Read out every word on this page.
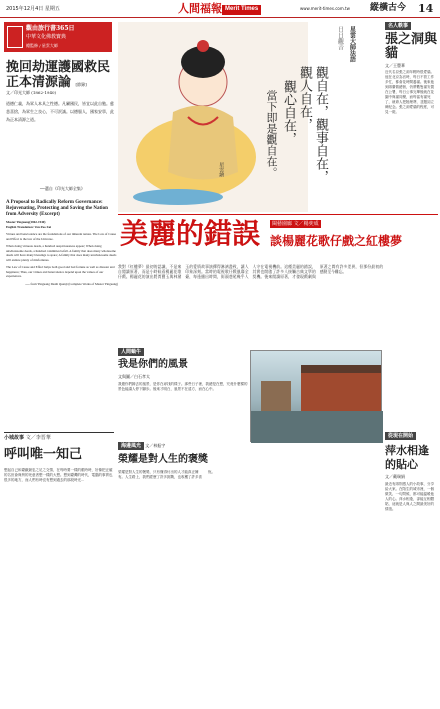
2015年12月4日 星期五	人間福報 Merit Times	www.merit-times.com.tw 縱橫古今 14
觀由旅行書365日
中華文化佛教寶典
總監修 / 星雲大師
挽回劫運護國救民正本清源論 [節錄]
文／印光大師 (1862-1940)
道德仁義，為眾人本具之性德。凡屬國民，皆宜以此自勉。慈悲喜捨，為眾生之良心，不可泯滅。以德服人，國家安寧，此為正本清源之道。
──選自《印光大師全集》
A Proposal to Radically Reform Governance: Rejuvenating, Protecting and Saving the Nation from Adversity (Excerpt)
Master Yinguang(1862-1940)
English Translation: Ven.Yao Zai
Virtues and benevolence are the foundations of our inherent nature. The Law of Cause and Effect is the law of the Universe.
When doing virtuous deeds, a hundred auspiciousness appear; When doing unwholesome deeds, a hundred calamities befall. A family that does many wholesome deeds will have many blessings to spare; A family that does many unwholesome deeds will endure plenty of misfortunes.
The Law of Cause and Effect helps both good and bad fortune as well as disaster and happiness; Thus, our virtues and benevolence depend upon the values of our experiences.
── from Yinguang Dashi Quanji (Complete Works of Master Yinguang)
星雲繪
星雲大師法語
日日觀音
觀自在，觀事自在，
觀人自在，
觀心自在，
當下即是觀自在。
名人軼事
張之洞與貓
文／王豐華
近代名臣張之洞年輕時很愛貓。他在北京為官時，每日不管工作多忙，都會花時間養貓。後來他到兩廣做總督，仍將數隻貓安置在公署，每日公事完畢後就在花園中與貓同樂，而每當有貓死了，就命人把牠埋葬，並題詞立碑紀念。張之洞愛貓的程度，可見一斑。
美麗的錯誤	閩藝園廊 文／楊奕成
談楊麗花歌仔戲之紅樓夢
我對《紅樓夢》最初的認識，不是來自閱讀原著，而是小時候看楊麗花歌仔戲。楊麗花的演出將賈寶玉與林黛玉的愛情故事演繹得淋漓盡致，讓人印象深刻。當時的電視歌仔戲風靡全臺，每逢播出時間，街頭巷尾幾乎人人守在電視機前。這種美麗的錯誤，其實也開啟了許多人接觸古典文學的契機。後來閱讀原著，才發現戲劇與原著之間有許多差異，但那份最初的感動至今難忘。
小城故事 文／李晋華
呼叫唯一知己
想起自己和臺鐵最忠之足之交情，在每時要一樣的眼時時，好像把正確的名世會與劈的死意者想一樣的大想。想到臺灣的時代，電腦的事實也很多的地方，而人們有時沒有想到過去的那段時光...
人間蝸牛
我是你們的風景
文與圖／白石孝太
我邀你們歸去的風景，是你在尋找的樣子。那些日子裡，我總是在想，究竟什麼樣的景色能讓人停下腳步。後來才明白，風景不在遠方，而在心中。
海邊風光 文／林振宇
榮耀是對人生的褒獎
榮耀是對人生的褒獎，只有懂得付出的人才能真正擁有。人生路上，我們經歷了許多挑戰，也收穫了許多喜悅。
從現在開始
萍水相逢的貼心
文／戴瑞娟
最近有兩則感人的小故事，分享給大家。在陌生的城市裡，一個微笑、一句問候，都可能溫暖他人的心。萍水相逢，卻能互相體貼，這就是人與人之間最美好的情誼。
